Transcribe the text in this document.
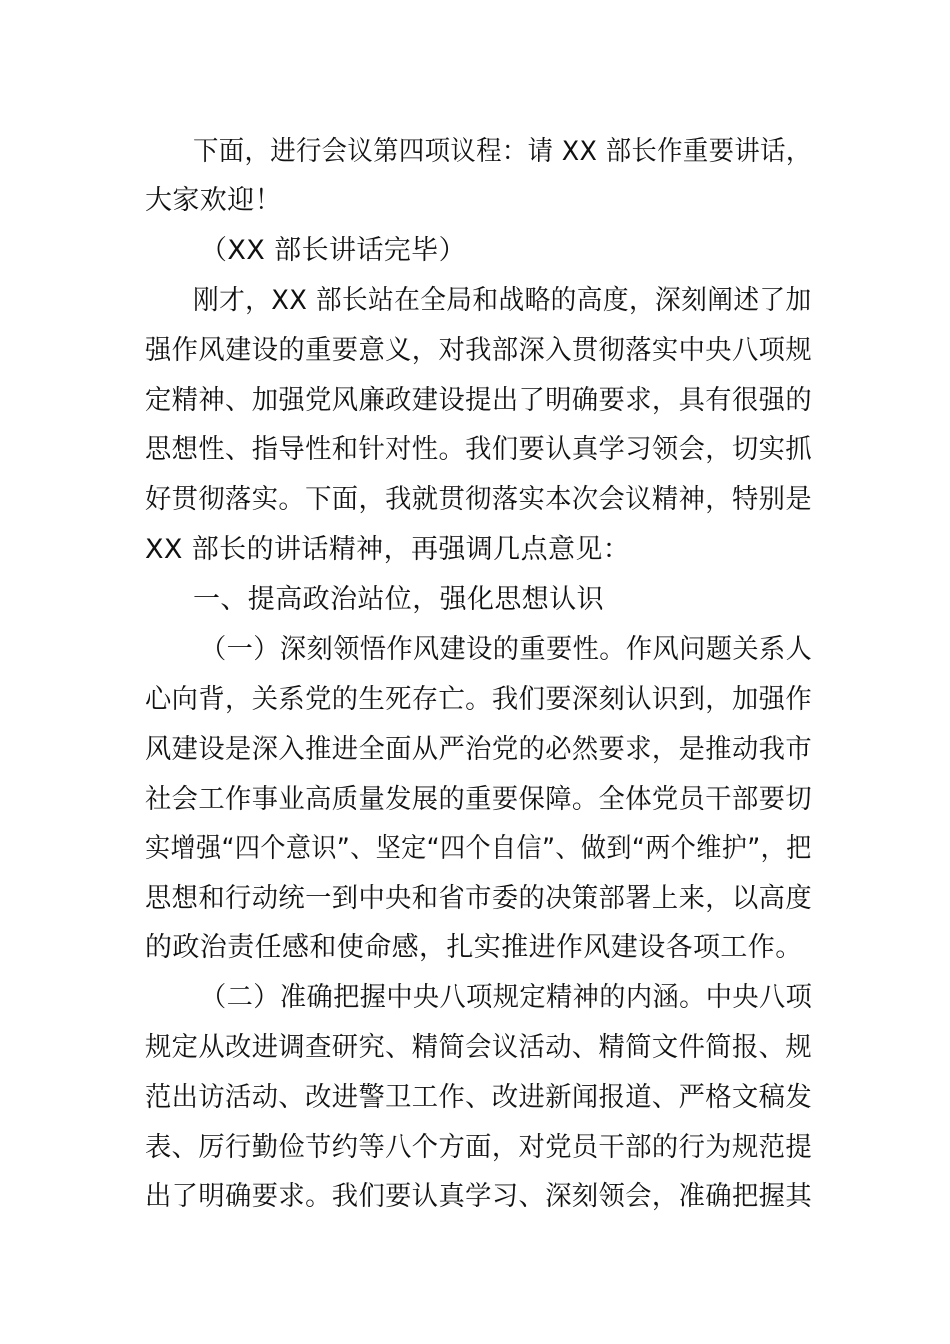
下面，进行会议第四项议程：请 XX 部长作重要讲话，

大家欢迎！

（XX 部长讲话完毕）

刚才，XX 部长站在全局和战略的高度，深刻阐述了加

强作风建设的重要意义，对我部深入贯彻落实中央八项规

定精神、加强党风廉政建设提出了明确要求，具有很强的

思想性、指导性和针对性。我们要认真学习领会，切实抓

好贯彻落实。下面，我就贯彻落实本次会议精神，特别是

XX 部长的讲话精神，再强调几点意见：

一、提高政治站位，强化思想认识

（一）深刻领悟作风建设的重要性。作风问题关系人

心向背，关系党的生死存亡。我们要深刻认识到，加强作

风建设是深入推进全面从严治党的必然要求，是推动我市

社会工作事业高质量发展的重要保障。全体党员干部要切

实增强“四个意识”、坚定“四个自信”、做到“两个维护”，把

思想和行动统一到中央和省市委的决策部署上来，以高度

的政治责任感和使命感，扎实推进作风建设各项工作。

（二）准确把握中央八项规定精神的内涵。中央八项

规定从改进调查研究、精简会议活动、精简文件简报、规

范出访活动、改进警卫工作、改进新闻报道、严格文稿发

表、厉行勤俭节约等八个方面，对党员干部的行为规范提

出了明确要求。我们要认真学习、深刻领会，准确把握其
